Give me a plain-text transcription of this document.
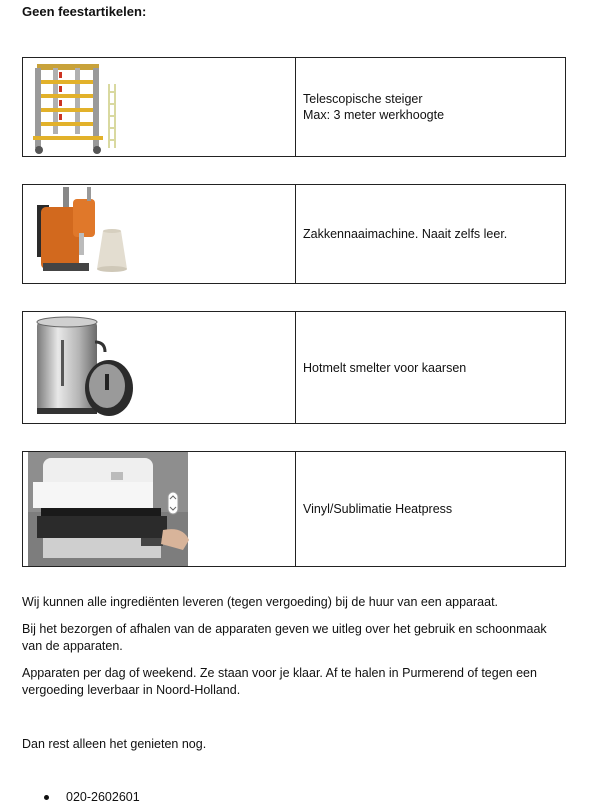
Geen feestartikelen:
Telescopische steiger
Max: 3 meter werkhoogte
Zakkennaaimachine. Naait zelfs leer.
Hotmelt smelter voor kaarsen
Vinyl/Sublimatie Heatpress

Wij kunnen alle ingrediënten leveren (tegen vergoeding) bij de huur van een apparaat.

Bij het bezorgen of afhalen van de apparaten geven we uitleg over het gebruik en schoonmaak van de apparaten.

Apparaten per dag of weekend. Ze staan voor je klaar. Af te halen in Purmerend of tegen een vergoeding leverbaar in Noord-Holland.

Dan rest alleen het genieten nog.

020-2602601
